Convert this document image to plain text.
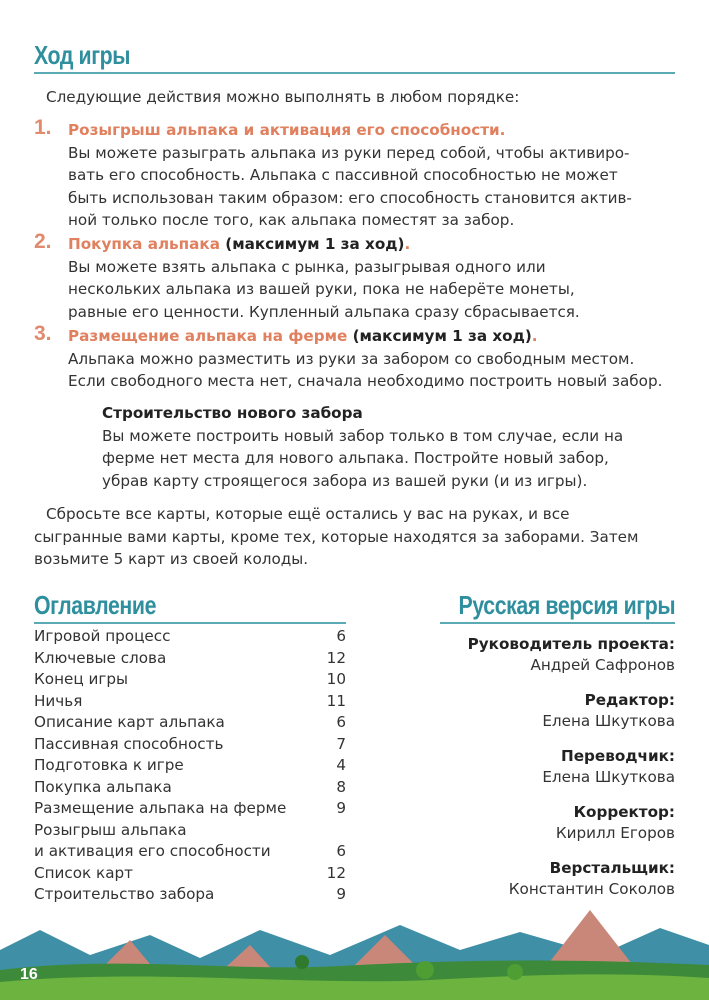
Ход игры
Следующие действия можно выполнять в любом порядке:
1. Розыгрыш альпака и активация его способности.
Вы можете разыграть альпака из руки перед собой, чтобы активиро-
вать его способность. Альпака с пассивной способностью не может
быть использован таким образом: его способность становится актив-
ной только после того, как альпака поместят за забор.
2. Покупка альпака (максимум 1 за ход).
Вы можете взять альпака с рынка, разыгрывая одного или
нескольких альпака из вашей руки, пока не наберёте монеты,
равные его ценности. Купленный альпака сразу сбрасывается.
3. Размещение альпака на ферме (максимум 1 за ход).
Альпака можно разместить из руки за забором со свободным местом.
Если свободного места нет, сначала необходимо построить новый забор.
Строительство нового забора
Вы можете построить новый забор только в том случае, если на
ферме нет места для нового альпака. Постройте новый забор,
убрав карту строящегося забора из вашей руки (и из игры).
Сбросьте все карты, которые ещё остались у вас на руках, и все
сыгранные вами карты, кроме тех, которые находятся за заборами. Затем
возьмите 5 карт из своей колоды.
Оглавление
Игровой процесс	6
Ключевые слова	12
Конец игры	10
Ничья	11
Описание карт альпака	6
Пассивная способность	7
Подготовка к игре	4
Покупка альпака	8
Размещение альпака на ферме	9
Розыгрыш альпака
и активация его способности	6
Список карт	12
Строительство забора	9
Русская версия игры
Руководитель проекта:
Андрей Сафронов
Редактор:
Елена Шкуткова
Переводчик:
Елена Шкуткова
Корректор:
Кирилл Егоров
Верстальщик:
Константин Соколов
16
